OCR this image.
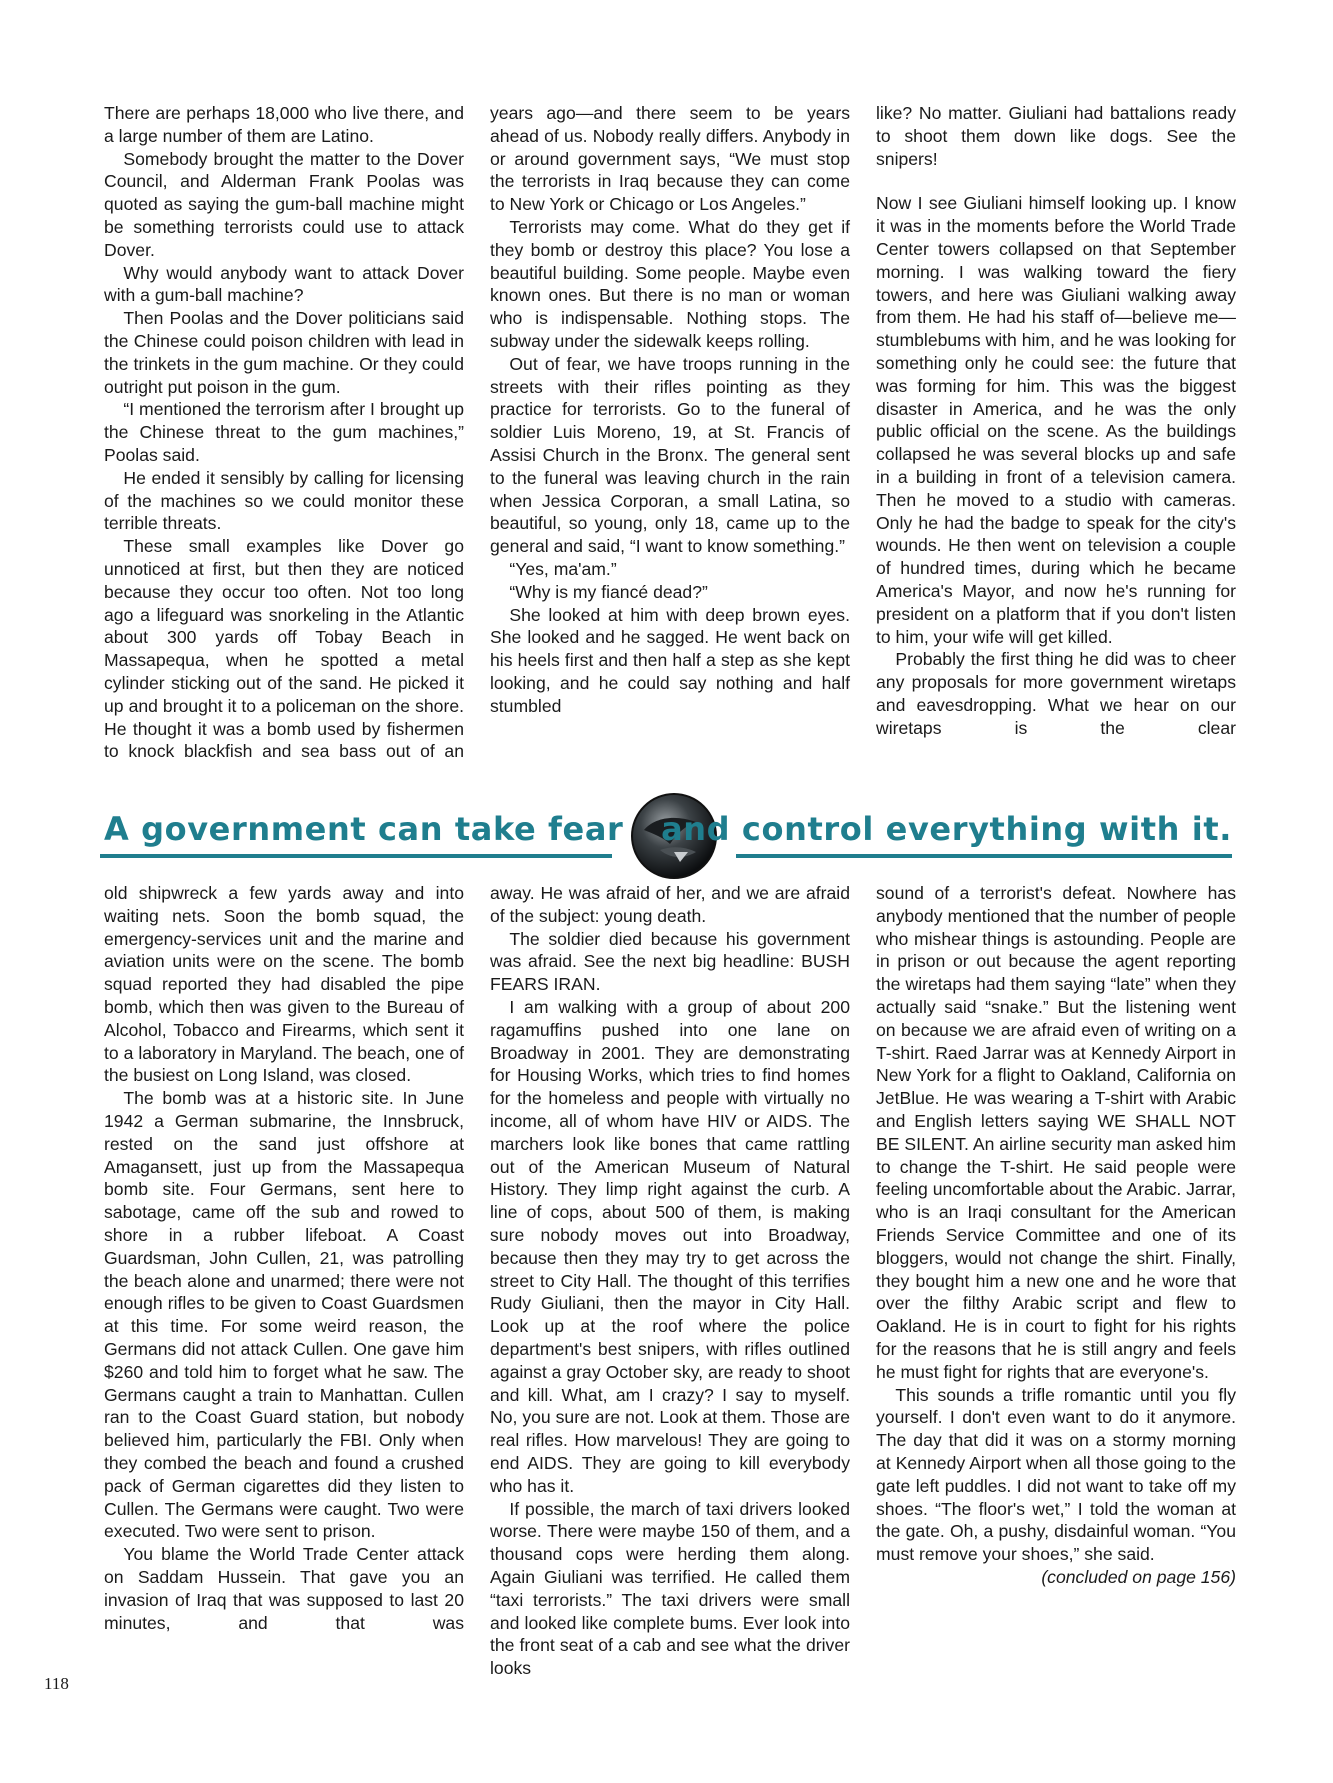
There are perhaps 18,000 who live there, and a large number of them are Latino.

Somebody brought the matter to the Dover Council, and Alderman Frank Poolas was quoted as saying the gum-ball machine might be something terrorists could use to attack Dover.

Why would anybody want to attack Dover with a gum-ball machine?

Then Poolas and the Dover politicians said the Chinese could poison children with lead in the trinkets in the gum machine. Or they could outright put poison in the gum.

“I mentioned the terrorism after I brought up the Chinese threat to the gum machines,” Poolas said.

He ended it sensibly by calling for licensing of the machines so we could monitor these terrible threats.

These small examples like Dover go unnoticed at first, but then they are noticed because they occur too often. Not too long ago a lifeguard was snorkeling in the Atlantic about 300 yards off Tobay Beach in Massapequa, when he spotted a metal cylinder sticking out of the sand. He picked it up and brought it to a policeman on the shore. He thought it was a bomb used by fishermen to knock blackfish and sea bass out of an

years ago—and there seem to be years ahead of us. Nobody really differs. Anybody in or around government says, “We must stop the terrorists in Iraq because they can come to New York or Chicago or Los Angeles.”

Terrorists may come. What do they get if they bomb or destroy this place? You lose a beautiful building. Some people. Maybe even known ones. But there is no man or woman who is indispensable. Nothing stops. The subway under the sidewalk keeps rolling.

Out of fear, we have troops running in the streets with their rifles pointing as they practice for terrorists. Go to the funeral of soldier Luis Moreno, 19, at St. Francis of Assisi Church in the Bronx. The general sent to the funeral was leaving church in the rain when Jessica Corporan, a small Latina, so beautiful, so young, only 18, came up to the general and said, “I want to know something.”

“Yes, ma'am.”

“Why is my fiancé dead?”

She looked at him with deep brown eyes. She looked and he sagged. He went back on his heels first and then half a step as she kept looking, and he could say nothing and half stumbled

like? No matter. Giuliani had battalions ready to shoot them down like dogs. See the snipers!

Now I see Giuliani himself looking up. I know it was in the moments before the World Trade Center towers collapsed on that September morning. I was walking toward the fiery towers, and here was Giuliani walking away from them. He had his staff of—believe me—stumblebums with him, and he was looking for something only he could see: the future that was forming for him. This was the biggest disaster in America, and he was the only public official on the scene. As the buildings collapsed he was several blocks up and safe in a building in front of a television camera. Then he moved to a studio with cameras. Only he had the badge to speak for the city's wounds. He then went on television a couple of hundred times, during which he became America's Mayor, and now he's running for president on a platform that if you don't listen to him, your wife will get killed.

Probably the first thing he did was to cheer any proposals for more government wiretaps and eavesdropping. What we hear on our wiretaps is the clear

A government can take fear and control everything with it.

old shipwreck a few yards away and into waiting nets. Soon the bomb squad, the emergency-services unit and the marine and aviation units were on the scene. The bomb squad reported they had disabled the pipe bomb, which then was given to the Bureau of Alcohol, Tobacco and Firearms, which sent it to a laboratory in Maryland. The beach, one of the busiest on Long Island, was closed.

The bomb was at a historic site. In June 1942 a German submarine, the Innsbruck, rested on the sand just offshore at Amagansett, just up from the Massapequa bomb site. Four Germans, sent here to sabotage, came off the sub and rowed to shore in a rubber lifeboat. A Coast Guardsman, John Cullen, 21, was patrolling the beach alone and unarmed; there were not enough rifles to be given to Coast Guardsmen at this time. For some weird reason, the Germans did not attack Cullen. One gave him $260 and told him to forget what he saw. The Germans caught a train to Manhattan. Cullen ran to the Coast Guard station, but nobody believed him, particularly the FBI. Only when they combed the beach and found a crushed pack of German cigarettes did they listen to Cullen. The Germans were caught. Two were executed. Two were sent to prison.

You blame the World Trade Center attack on Saddam Hussein. That gave you an invasion of Iraq that was supposed to last 20 minutes, and that was

away. He was afraid of her, and we are afraid of the subject: young death.

The soldier died because his government was afraid. See the next big headline: BUSH FEARS IRAN.

I am walking with a group of about 200 ragamuffins pushed into one lane on Broadway in 2001. They are demonstrating for Housing Works, which tries to find homes for the homeless and people with virtually no income, all of whom have HIV or AIDS. The marchers look like bones that came rattling out of the American Museum of Natural History. They limp right against the curb. A line of cops, about 500 of them, is making sure nobody moves out into Broadway, because then they may try to get across the street to City Hall. The thought of this terrifies Rudy Giuliani, then the mayor in City Hall. Look up at the roof where the police department's best snipers, with rifles outlined against a gray October sky, are ready to shoot and kill. What, am I crazy? I say to myself. No, you sure are not. Look at them. Those are real rifles. How marvelous! They are going to end AIDS. They are going to kill everybody who has it.

If possible, the march of taxi drivers looked worse. There were maybe 150 of them, and a thousand cops were herding them along. Again Giuliani was terrified. He called them “taxi terrorists.” The taxi drivers were small and looked like complete bums. Ever look into the front seat of a cab and see what the driver looks

sound of a terrorist's defeat. Nowhere has anybody mentioned that the number of people who mishear things is astounding. People are in prison or out because the agent reporting the wiretaps had them saying “late” when they actually said “snake.” But the listening went on because we are afraid even of writing on a T-shirt. Raed Jarrar was at Kennedy Airport in New York for a flight to Oakland, California on JetBlue. He was wearing a T-shirt with Arabic and English letters saying WE SHALL NOT BE SILENT. An airline security man asked him to change the T-shirt. He said people were feeling uncomfortable about the Arabic. Jarrar, who is an Iraqi consultant for the American Friends Service Committee and one of its bloggers, would not change the shirt. Finally, they bought him a new one and he wore that over the filthy Arabic script and flew to Oakland. He is in court to fight for his rights for the reasons that he is still angry and feels he must fight for rights that are everyone's.

This sounds a trifle romantic until you fly yourself. I don't even want to do it anymore. The day that did it was on a stormy morning at Kennedy Airport when all those going to the gate left puddles. I did not want to take off my shoes. “The floor's wet,” I told the woman at the gate. Oh, a pushy, disdainful woman. “You must remove your shoes,” she said.
(concluded on page 156)

118
